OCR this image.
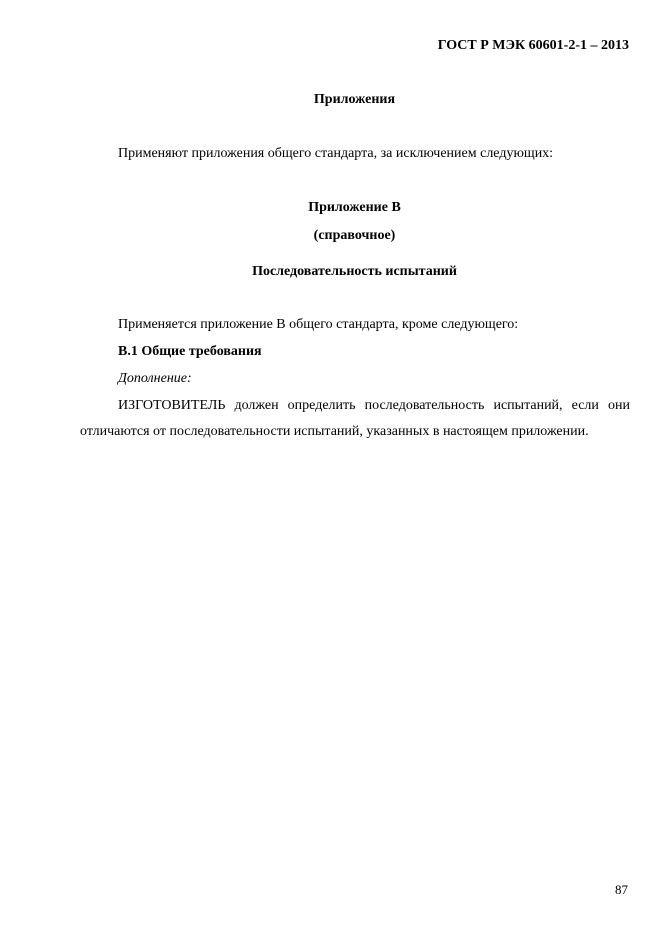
ГОСТ Р МЭК 60601-2-1 – 2013
Приложения
Применяют приложения общего стандарта, за исключением следующих:
Приложение В
(справочное)
Последовательность испытаний
Применяется приложение В общего стандарта, кроме следующего:
В.1 Общие требования
Дополнение:
ИЗГОТОВИТЕЛЬ должен определить последовательность испытаний, если они отличаются от последовательности испытаний, указанных в настоящем приложении.
87
